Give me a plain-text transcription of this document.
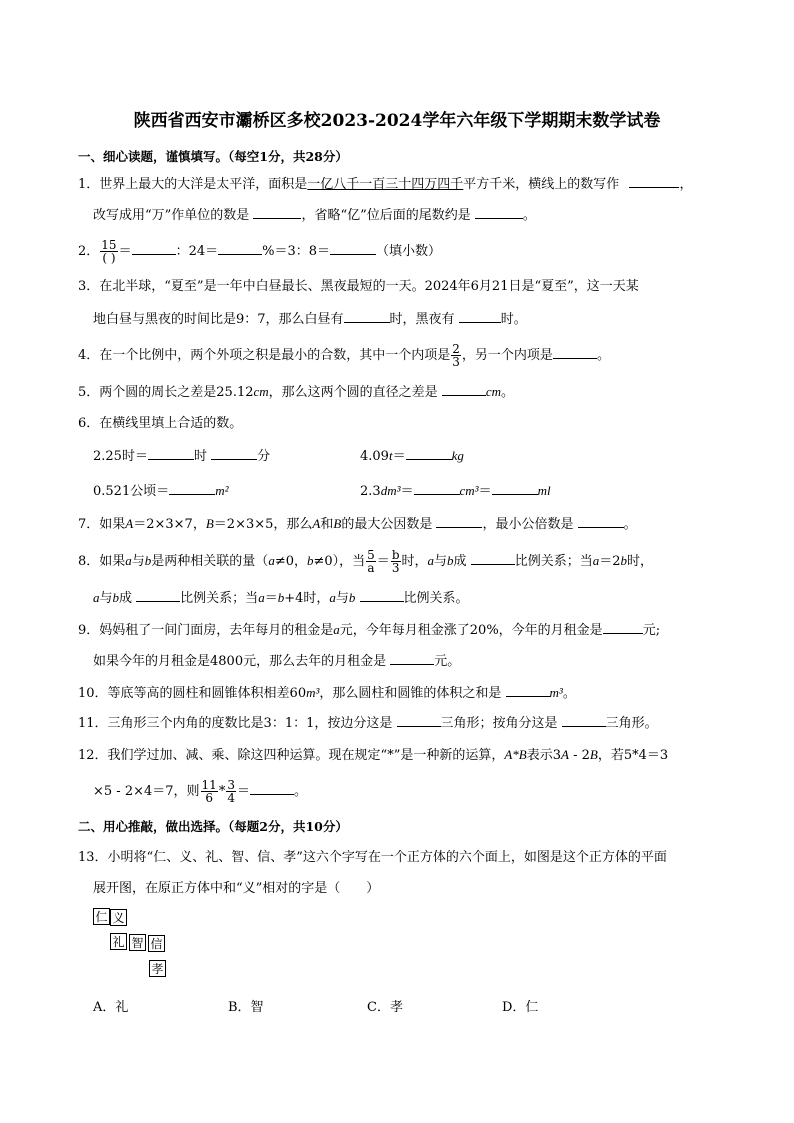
陕西省西安市灞桥区多校2023-2024学年六年级下学期期末数学试卷
一、细心读题，谨慎填写。（每空1分，共28分）
1．世界上最大的大洋是太平洋，面积是一亿八千一百三十四万四千平方千米，横线上的数写作	，
改写成用“万”作单位的数是	，省略“亿”位后面的尾数约是	。
2． $\frac{15}{( )}$ ＝	：24＝	%＝3：8＝	（填小数）
3．在北半球，“夏至”是一年中白昼最长、黑夜最短的一天。2024年6月21日是“夏至”，这一天某
地白昼与黑夜的时间比是9：7，那么白昼有	时，黑夜有	时。
4．在一个比例中，两个外项之积是最小的合数，其中一个内项是 $\frac{2}{3}$ ，另一个内项是	。
5．两个圆的周长之差是25.12cm，那么这两个圆的直径之差是	cm。
6．在横线里填上合适的数。
2.25时＝	时	分	4.09t＝	kg
0.521公顷＝	m²	2.3dm³＝	cm³＝	ml
7．如果A＝2×3×7，B＝2×3×5，那么A和B的最大公因数是	，最小公倍数是	。
8．如果a与b是两种相关联的量（a≠0，b≠0），当 $\frac{5}{a} = \frac{b}{3}$ 时，a与b成	比例关系；当a＝2b时，
a与b成	比例关系；当a＝b+4时，a与b	比例关系。
9．妈妈租了一间门面房，去年每月的租金是a元，今年每月租金涨了20%，今年的月租金是	元;
如果今年的月租金是4800元，那么去年的月租金是	元。
10．等底等高的圆柱和圆锥体积相差60m³，那么圆柱和圆锥的体积之和是	m³。
11．三角形三个内角的度数比是3：1：1，按边分这是	三角形；按角分这是	三角形。
12．我们学过加、减、乘、除这四种运算。现在规定“*”是一种新的运算，A*B表示3A - 2B，若5*4＝3
×5 - 2×4＝7，则 $\frac{11}{6} * \frac{3}{4}$ ＝	。
二、用心推敲，做出选择。（每题2分，共10分）
13．小明将“仁、义、礼、智、信、孝”这六个字写在一个正方体的六个面上，如图是这个正方体的平面
展开图，在原正方体中和“义”相对的字是（　　）
仁 义
礼 智 信
孝
A．礼	B．智	C．孝	D．仁
